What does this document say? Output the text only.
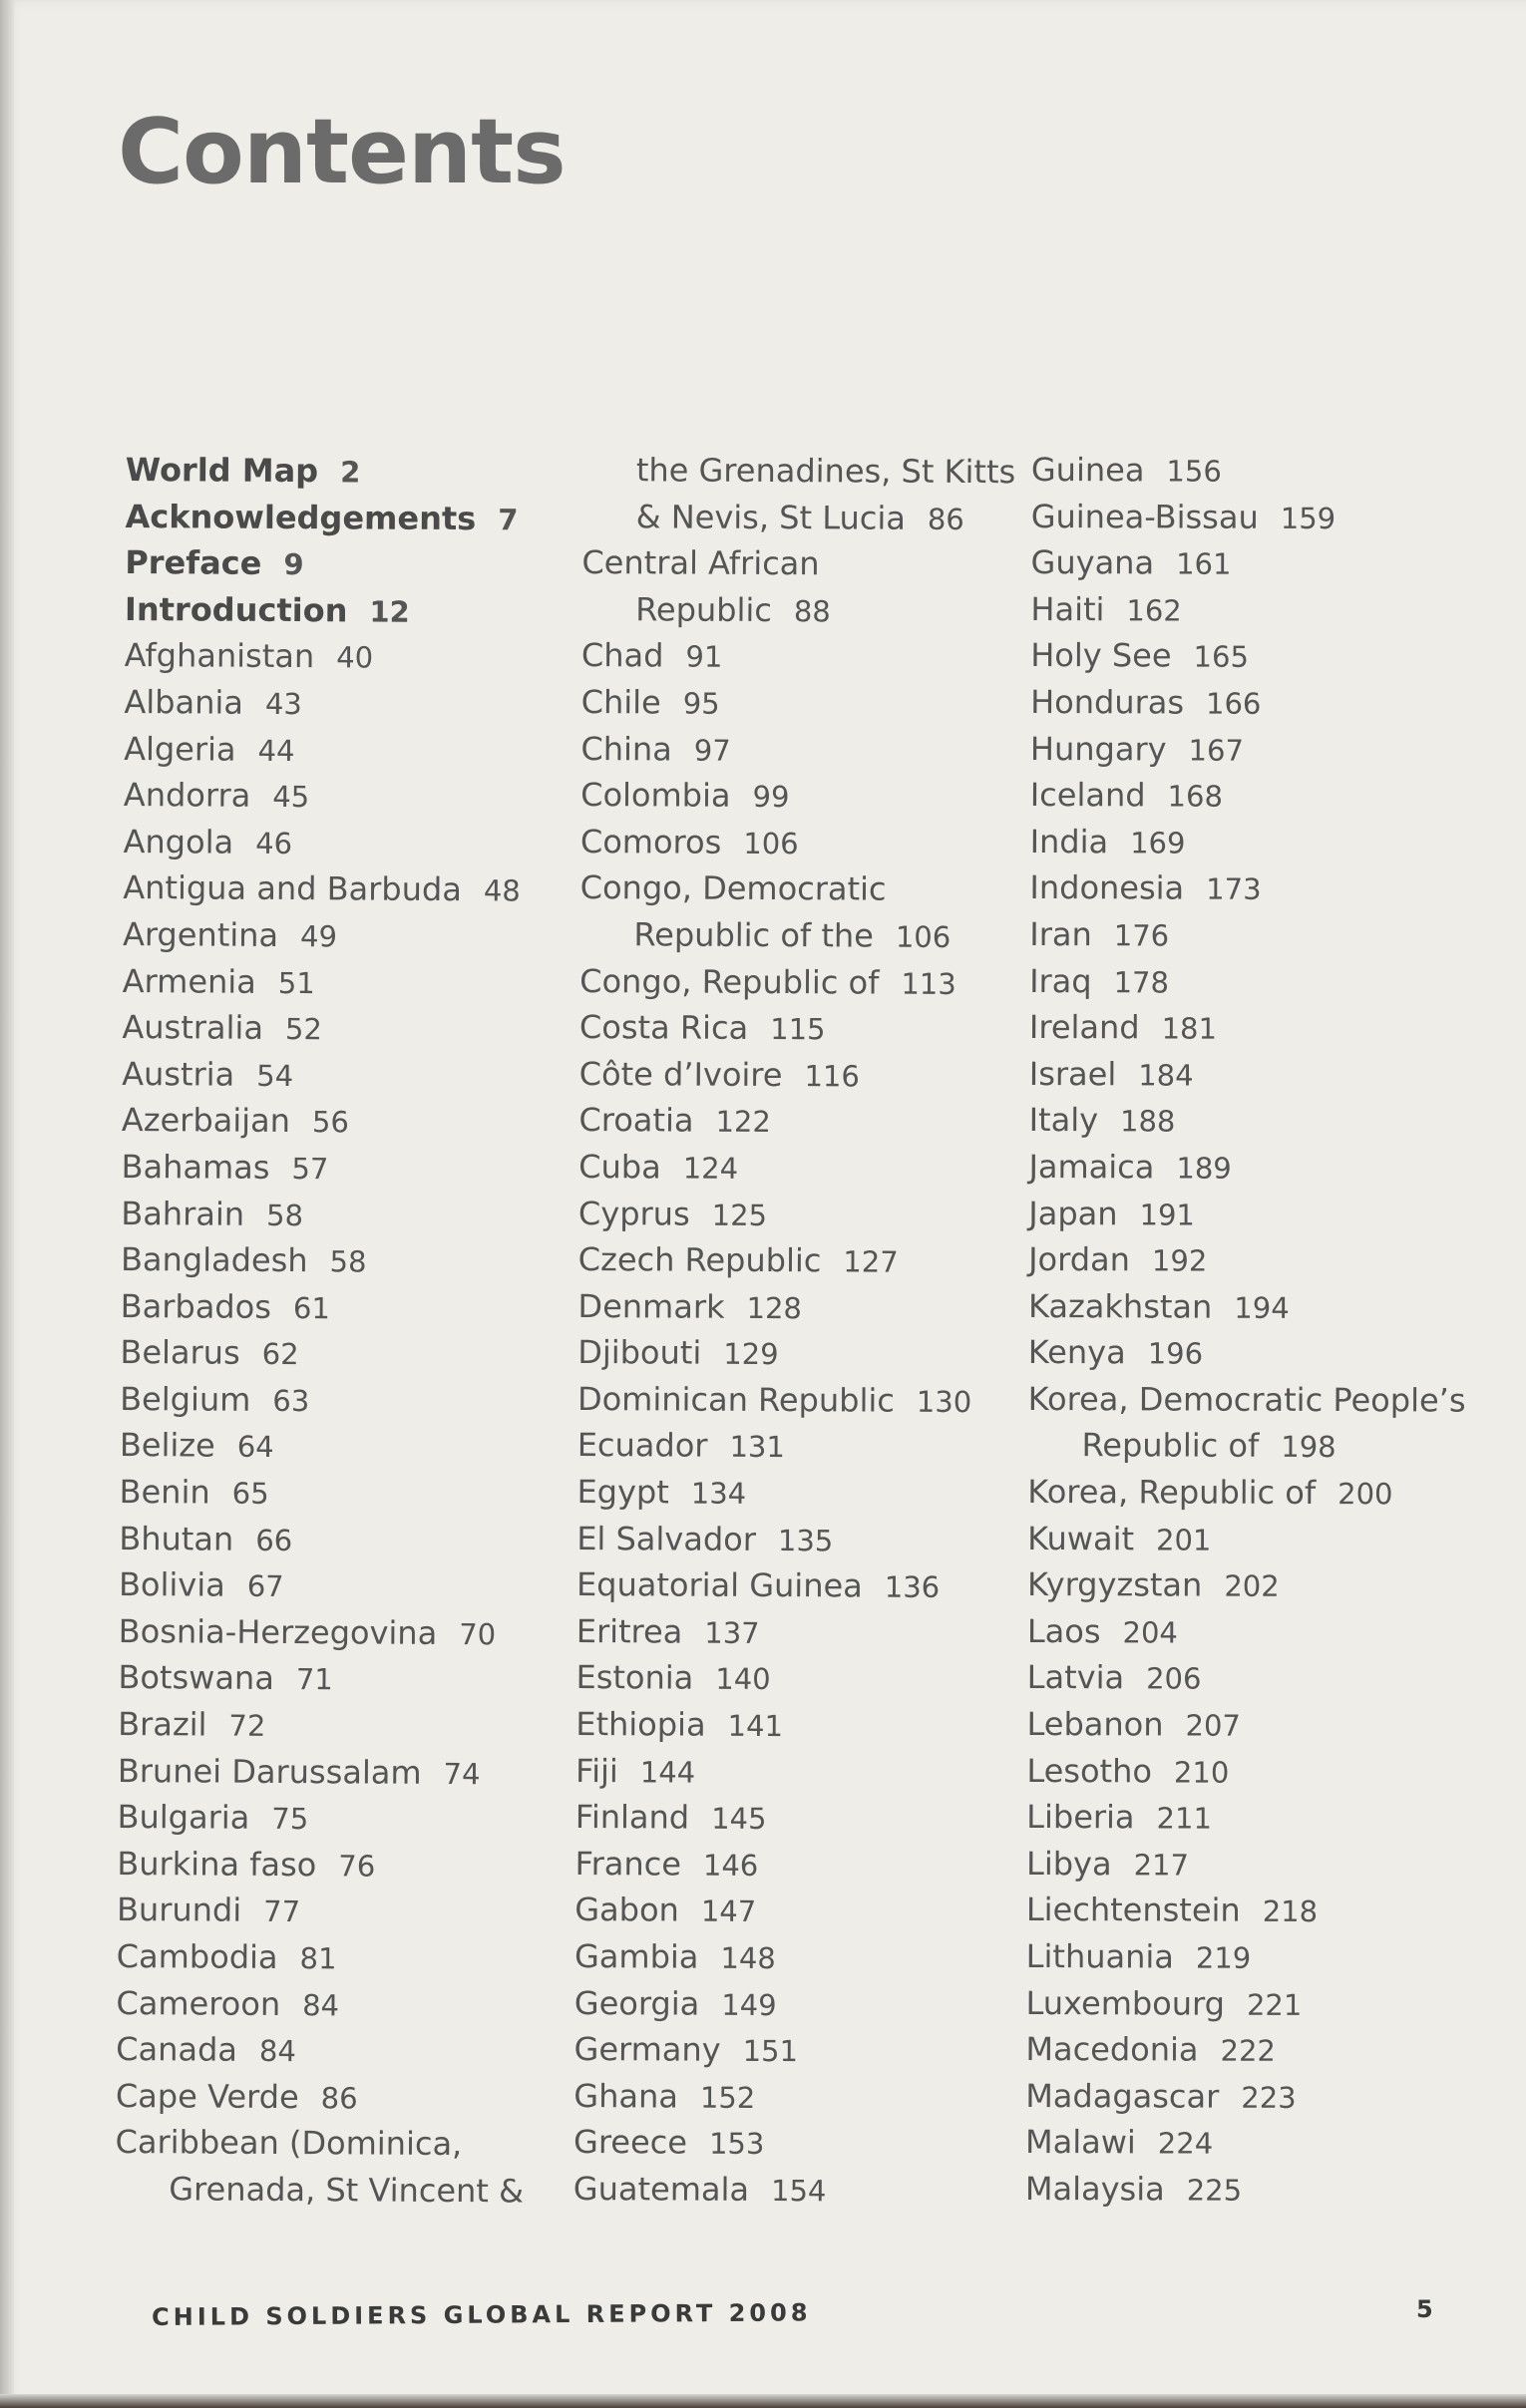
Contents
World Map 2
Acknowledgements 7
Preface 9
Introduction 12
Afghanistan 40
Albania 43
Algeria 44
Andorra 45
Angola 46
Antigua and Barbuda 48
Argentina 49
Armenia 51
Australia 52
Austria 54
Azerbaijan 56
Bahamas 57
Bahrain 58
Bangladesh 58
Barbados 61
Belarus 62
Belgium 63
Belize 64
Benin 65
Bhutan 66
Bolivia 67
Bosnia-Herzegovina 70
Botswana 71
Brazil 72
Brunei Darussalam 74
Bulgaria 75
Burkina faso 76
Burundi 77
Cambodia 81
Cameroon 84
Canada 84
Cape Verde 86
Caribbean (Dominica,
Grenada, St Vincent &
the Grenadines, St Kitts
& Nevis, St Lucia 86
Central African
Republic 88
Chad 91
Chile 95
China 97
Colombia 99
Comoros 106
Congo, Democratic
Republic of the 106
Congo, Republic of 113
Costa Rica 115
Côte d’Ivoire 116
Croatia 122
Cuba 124
Cyprus 125
Czech Republic 127
Denmark 128
Djibouti 129
Dominican Republic 130
Ecuador 131
Egypt 134
El Salvador 135
Equatorial Guinea 136
Eritrea 137
Estonia 140
Ethiopia 141
Fiji 144
Finland 145
France 146
Gabon 147
Gambia 148
Georgia 149
Germany 151
Ghana 152
Greece 153
Guatemala 154
Guinea 156
Guinea-Bissau 159
Guyana 161
Haiti 162
Holy See 165
Honduras 166
Hungary 167
Iceland 168
India 169
Indonesia 173
Iran 176
Iraq 178
Ireland 181
Israel 184
Italy 188
Jamaica 189
Japan 191
Jordan 192
Kazakhstan 194
Kenya 196
Korea, Democratic People’s
Republic of 198
Korea, Republic of 200
Kuwait 201
Kyrgyzstan 202
Laos 204
Latvia 206
Lebanon 207
Lesotho 210
Liberia 211
Libya 217
Liechtenstein 218
Lithuania 219
Luxembourg 221
Macedonia 222
Madagascar 223
Malawi 224
Malaysia 225
CHILD SOLDIERS GLOBAL REPORT 2008	5
